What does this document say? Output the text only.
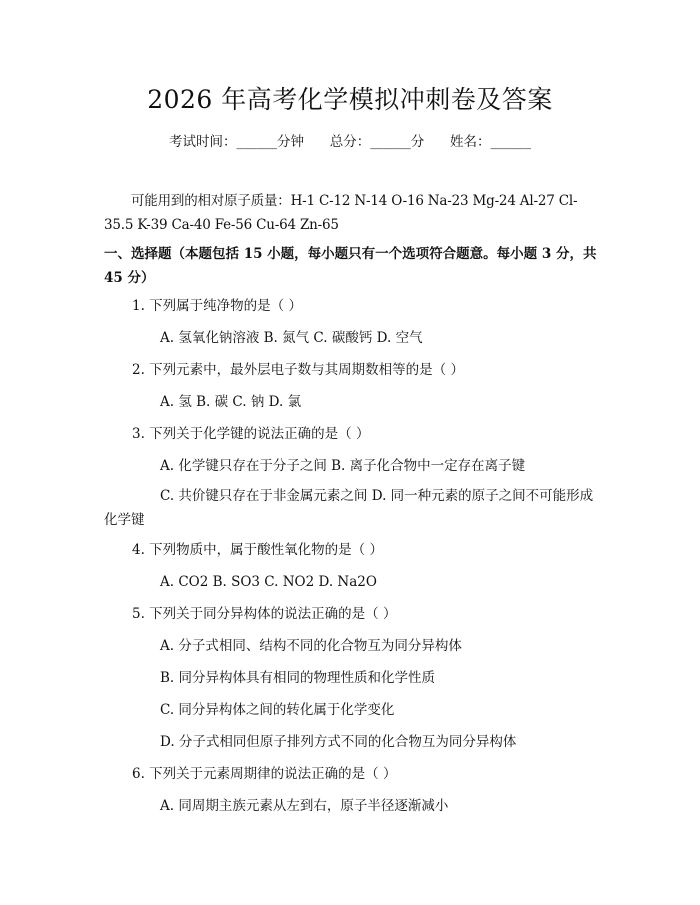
2026 年高考化学模拟冲刺卷及答案
考试时间：______分钟 总分：______分 姓名：______
可能用到的相对原子质量：H-1 C-12 N-14 O-16 Na-23 Mg-24 Al-27 Cl-35.5 K-39 Ca-40 Fe-56 Cu-64 Zn-65
一、选择题（本题包括 15 小题，每小题只有一个选项符合题意。每小题 3 分，共 45 分）
1. 下列属于纯净物的是（ ）
A. 氢氧化钠溶液 B. 氮气 C. 碳酸钙 D. 空气
2. 下列元素中，最外层电子数与其周期数相等的是（ ）
A. 氢 B. 碳 C. 钠 D. 氯
3. 下列关于化学键的说法正确的是（ ）
A. 化学键只存在于分子之间 B. 离子化合物中一定存在离子键
C. 共价键只存在于非金属元素之间 D. 同一种元素的原子之间不可能形成化学键
4. 下列物质中，属于酸性氧化物的是（ ）
A. CO2 B. SO3 C. NO2 D. Na2O
5. 下列关于同分异构体的说法正确的是（ ）
A. 分子式相同、结构不同的化合物互为同分异构体
B. 同分异构体具有相同的物理性质和化学性质
C. 同分异构体之间的转化属于化学变化
D. 分子式相同但原子排列方式不同的化合物互为同分异构体
6. 下列关于元素周期律的说法正确的是（ ）
A. 同周期主族元素从左到右，原子半径逐渐减小
